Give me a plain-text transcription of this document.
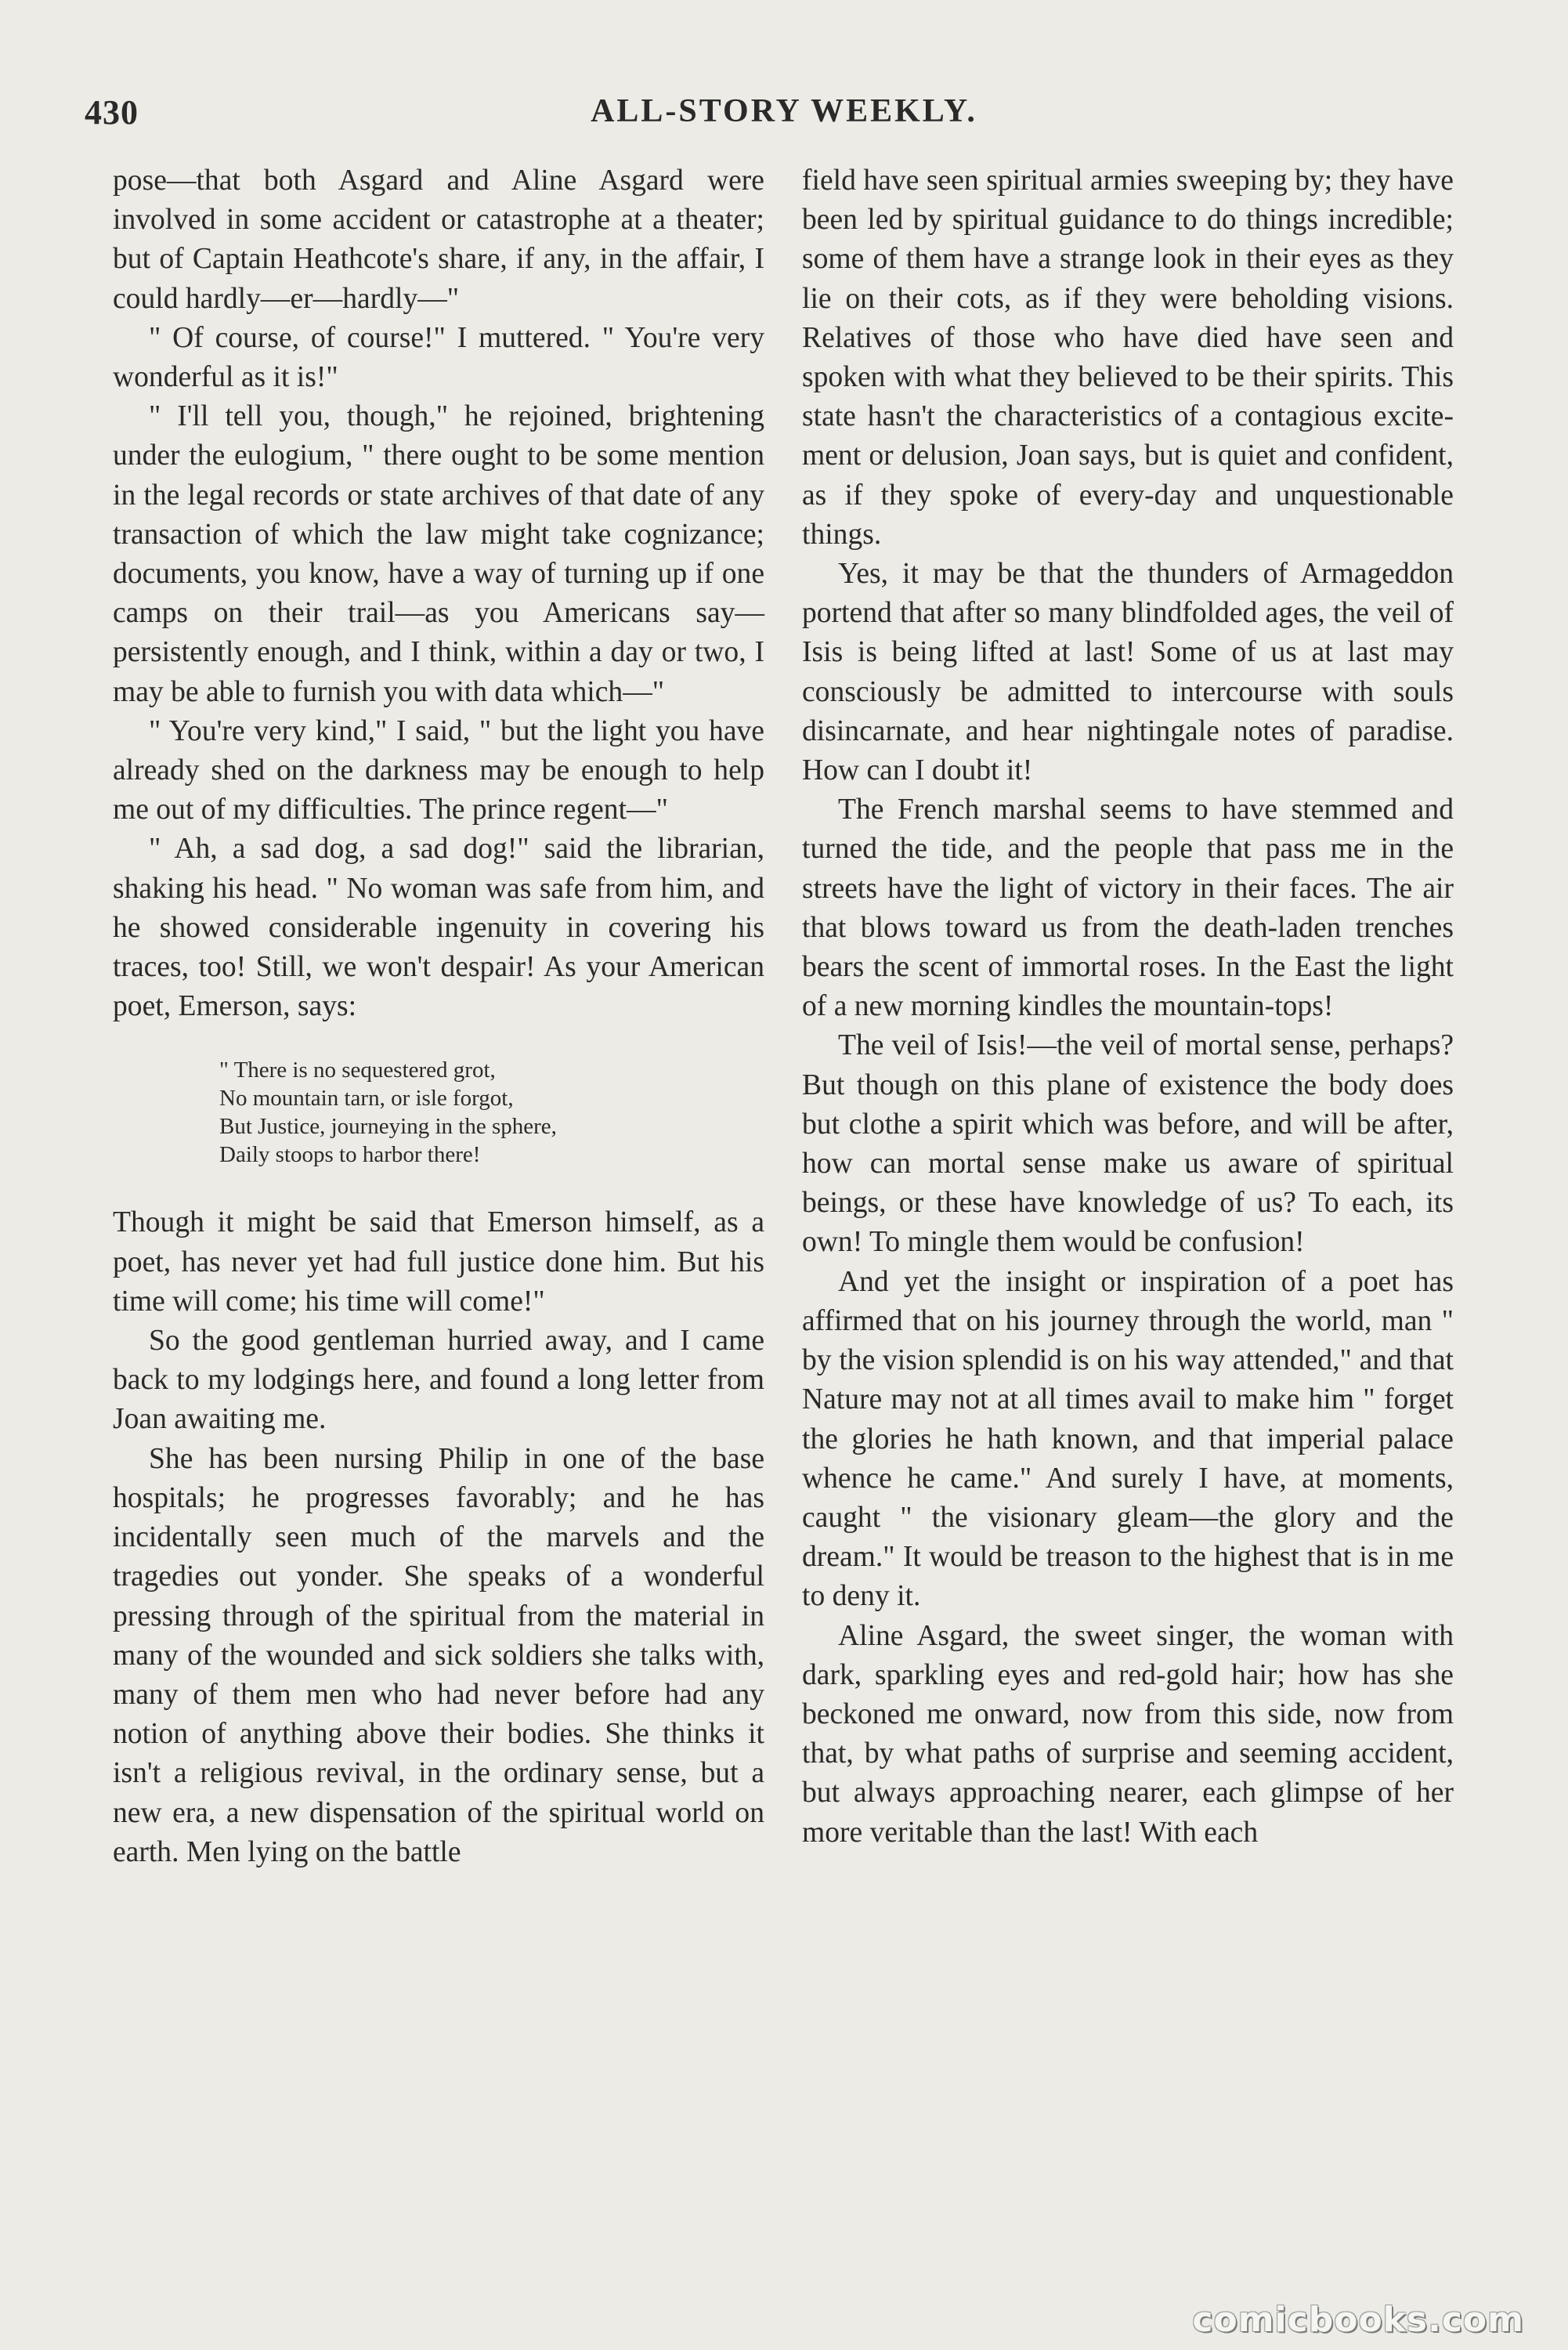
430	ALL-STORY WEEKLY.

pose—that both Asgard and Aline Asgard were involved in some accident or catastrophe at a theater; but of Captain Heathcote's share, if any, in the affair, I could hardly—er—hardly—"

" Of course, of course!" I muttered. " You're very wonderful as it is!"

" I'll tell you, though," he rejoined, brightening under the eulogium, " there ought to be some mention in the legal records or state archives of that date of any transaction of which the law might take cognizance; documents, you know, have a way of turning up if one camps on their trail—as you Americans say—persistently enough, and I think, within a day or two, I may be able to furnish you with data which—"

" You're very kind," I said, " but the light you have already shed on the darkness may be enough to help me out of my difficulties. The prince regent—"

" Ah, a sad dog, a sad dog!" said the librarian, shaking his head. " No woman was safe from him, and he showed considerable ingenuity in covering his traces, too! Still, we won't despair! As your American poet, Emerson, says:

" There is no sequestered grot,
No mountain tarn, or isle forgot,
But Justice, journeying in the sphere,
Daily stoops to harbor there!

Though it might be said that Emerson himself, as a poet, has never yet had full justice done him. But his time will come; his time will come!"

So the good gentleman hurried away, and I came back to my lodgings here, and found a long letter from Joan awaiting me.

She has been nursing Philip in one of the base hospitals; he progresses favorably; and he has incidentally seen much of the marvels and the tragedies out yonder. She speaks of a wonderful pressing through of the spiritual from the material in many of the wounded and sick soldiers she talks with, many of them men who had never before had any notion of anything above their bodies. She thinks it isn't a religious revival, in the ordinary sense, but a new era, a new dispensation of the spiritual world on earth. Men lying on the battle

field have seen spiritual armies sweeping by; they have been led by spiritual guidance to do things incredible; some of them have a strange look in their eyes as they lie on their cots, as if they were beholding visions. Relatives of those who have died have seen and spoken with what they believed to be their spirits. This state hasn't the characteristics of a contagious excitement or delusion, Joan says, but is quiet and confident, as if they spoke of every-day and unquestionable things.

Yes, it may be that the thunders of Armageddon portend that after so many blindfolded ages, the veil of Isis is being lifted at last! Some of us at last may consciously be admitted to intercourse with souls disincarnate, and hear nightingale notes of paradise. How can I doubt it!

The French marshal seems to have stemmed and turned the tide, and the people that pass me in the streets have the light of victory in their faces. The air that blows toward us from the death-laden trenches bears the scent of immortal roses. In the East the light of a new morning kindles the mountain-tops!

The veil of Isis!—the veil of mortal sense, perhaps? But though on this plane of existence the body does but clothe a spirit which was before, and will be after, how can mortal sense make us aware of spiritual beings, or these have knowledge of us? To each, its own! To mingle them would be confusion!

And yet the insight or inspiration of a poet has affirmed that on his journey through the world, man " by the vision splendid is on his way attended," and that Nature may not at all times avail to make him " forget the glories he hath known, and that imperial palace whence he came." And surely I have, at moments, caught " the visionary gleam—the glory and the dream." It would be treason to the highest that is in me to deny it.

Aline Asgard, the sweet singer, the woman with dark, sparkling eyes and red-gold hair; how has she beckoned me onward, now from this side, now from that, by what paths of surprise and seeming accident, but always approaching nearer, each glimpse of her more veritable than the last! With each

comicbooks.com
